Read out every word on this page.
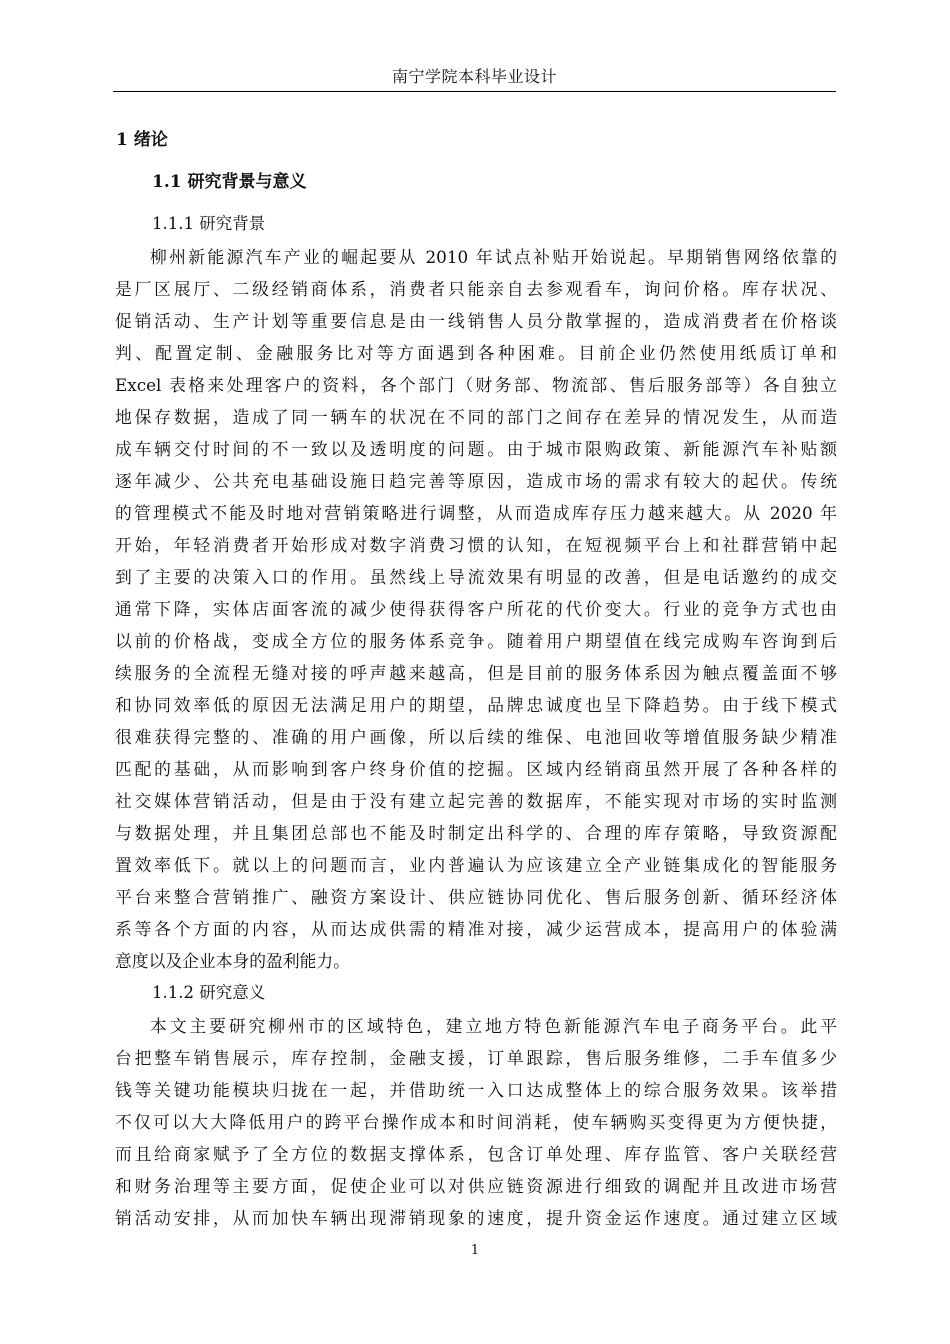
南宁学院本科毕业设计
1 绪论
1.1 研究背景与意义
1.1.1 研究背景
柳州新能源汽车产业的崛起要从 2010 年试点补贴开始说起。早期销售网络依靠的
是厂区展厅、二级经销商体系，消费者只能亲自去参观看车，询问价格。库存状况、
促销活动、生产计划等重要信息是由一线销售人员分散掌握的，造成消费者在价格谈
判、配置定制、金融服务比对等方面遇到各种困难。目前企业仍然使用纸质订单和
Excel 表格来处理客户的资料，各个部门（财务部、物流部、售后服务部等）各自独立
地保存数据，造成了同一辆车的状况在不同的部门之间存在差异的情况发生，从而造
成车辆交付时间的不一致以及透明度的问题。由于城市限购政策、新能源汽车补贴额
逐年减少、公共充电基础设施日趋完善等原因，造成市场的需求有较大的起伏。传统
的管理模式不能及时地对营销策略进行调整，从而造成库存压力越来越大。从 2020 年
开始，年轻消费者开始形成对数字消费习惯的认知，在短视频平台上和社群营销中起
到了主要的决策入口的作用。虽然线上导流效果有明显的改善，但是电话邀约的成交
通常下降，实体店面客流的减少使得获得客户所花的代价变大。行业的竞争方式也由
以前的价格战，变成全方位的服务体系竞争。随着用户期望值在线完成购车咨询到后
续服务的全流程无缝对接的呼声越来越高，但是目前的服务体系因为触点覆盖面不够
和协同效率低的原因无法满足用户的期望，品牌忠诚度也呈下降趋势。由于线下模式
很难获得完整的、准确的用户画像，所以后续的维保、电池回收等增值服务缺少精准
匹配的基础，从而影响到客户终身价值的挖掘。区域内经销商虽然开展了各种各样的
社交媒体营销活动，但是由于没有建立起完善的数据库，不能实现对市场的实时监测
与数据处理，并且集团总部也不能及时制定出科学的、合理的库存策略，导致资源配
置效率低下。就以上的问题而言，业内普遍认为应该建立全产业链集成化的智能服务
平台来整合营销推广、融资方案设计、供应链协同优化、售后服务创新、循环经济体
系等各个方面的内容，从而达成供需的精准对接，减少运营成本，提高用户的体验满
意度以及企业本身的盈利能力。
1.1.2 研究意义
本文主要研究柳州市的区域特色，建立地方特色新能源汽车电子商务平台。此平
台把整车销售展示，库存控制，金融支援，订单跟踪，售后服务维修，二手车值多少
钱等关键功能模块归拢在一起，并借助统一入口达成整体上的综合服务效果。该举措
不仅可以大大降低用户的跨平台操作成本和时间消耗，使车辆购买变得更为方便快捷，
而且给商家赋予了全方位的数据支撑体系，包含订单处理、库存监管、客户关联经营
和财务治理等主要方面，促使企业可以对供应链资源进行细致的调配并且改进市场营
销活动安排，从而加快车辆出现滞销现象的速度，提升资金运作速度。通过建立区域
1
